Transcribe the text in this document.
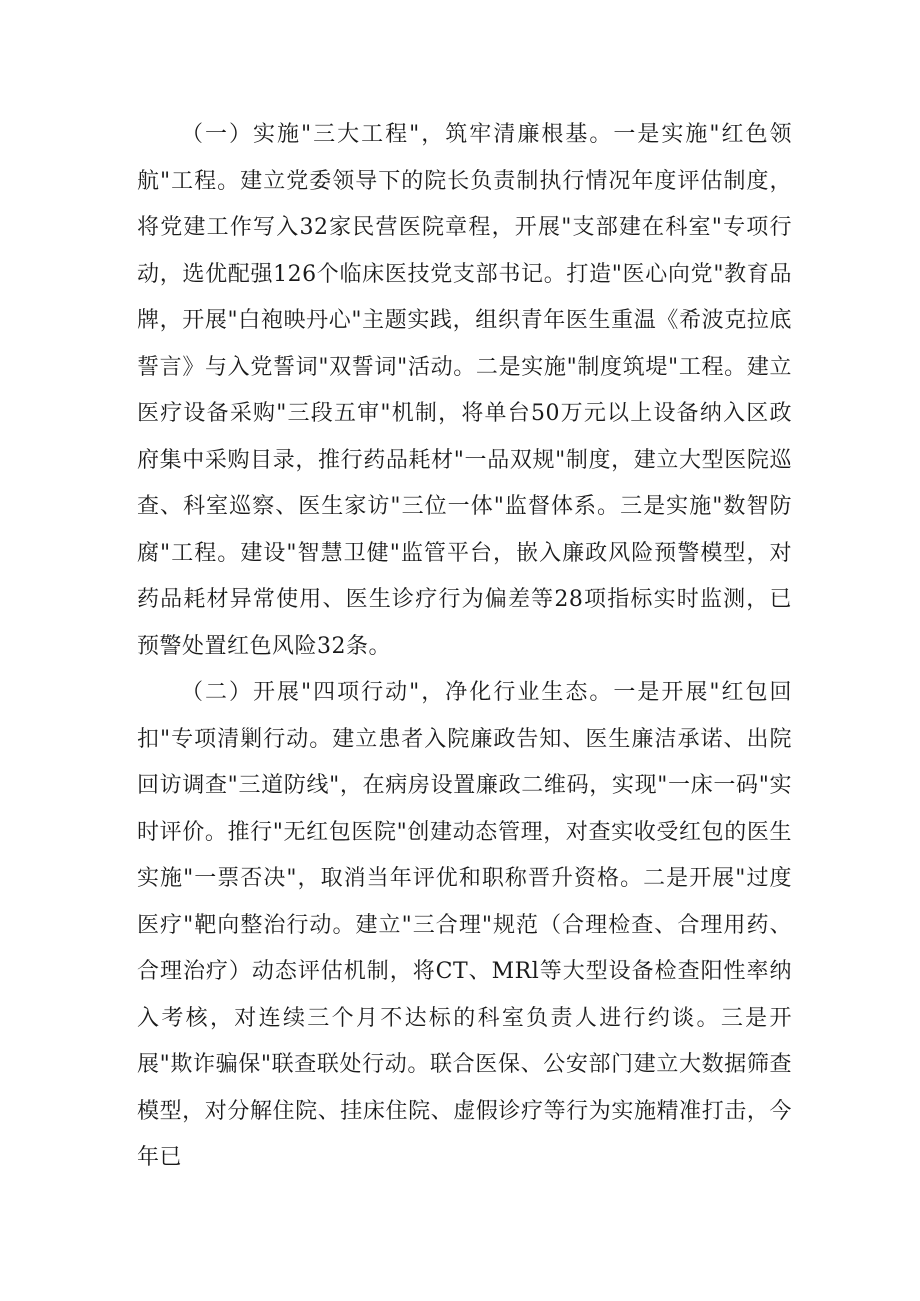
（一）实施"三大工程"，筑牢清廉根基。一是实施"红色领航"工程。建立党委领导下的院长负责制执行情况年度评估制度，将党建工作写入32家民营医院章程，开展"支部建在科室"专项行动，选优配强126个临床医技党支部书记。打造"医心向党"教育品牌，开展"白袍映丹心"主题实践，组织青年医生重温《希波克拉底誓言》与入党誓词"双誓词"活动。二是实施"制度筑堤"工程。建立医疗设备采购"三段五审"机制，将单台50万元以上设备纳入区政府集中采购目录，推行药品耗材"一品双规"制度，建立大型医院巡查、科室巡察、医生家访"三位一体"监督体系。三是实施"数智防腐"工程。建设"智慧卫健"监管平台，嵌入廉政风险预警模型，对药品耗材异常使用、医生诊疗行为偏差等28项指标实时监测，已预警处置红色风险32条。

（二）开展"四项行动"，净化行业生态。一是开展"红包回扣"专项清剿行动。建立患者入院廉政告知、医生廉洁承诺、出院回访调查"三道防线"，在病房设置廉政二维码，实现"一床一码"实时评价。推行"无红包医院"创建动态管理，对查实收受红包的医生实施"一票否决"，取消当年评优和职称晋升资格。二是开展"过度医疗"靶向整治行动。建立"三合理"规范（合理检查、合理用药、合理治疗）动态评估机制，将CT、MRl等大型设备检查阳性率纳入考核，对连续三个月不达标的科室负责人进行约谈。三是开展"欺诈骗保"联查联处行动。联合医保、公安部门建立大数据筛查模型，对分解住院、挂床住院、虚假诊疗等行为实施精准打击，今年已
